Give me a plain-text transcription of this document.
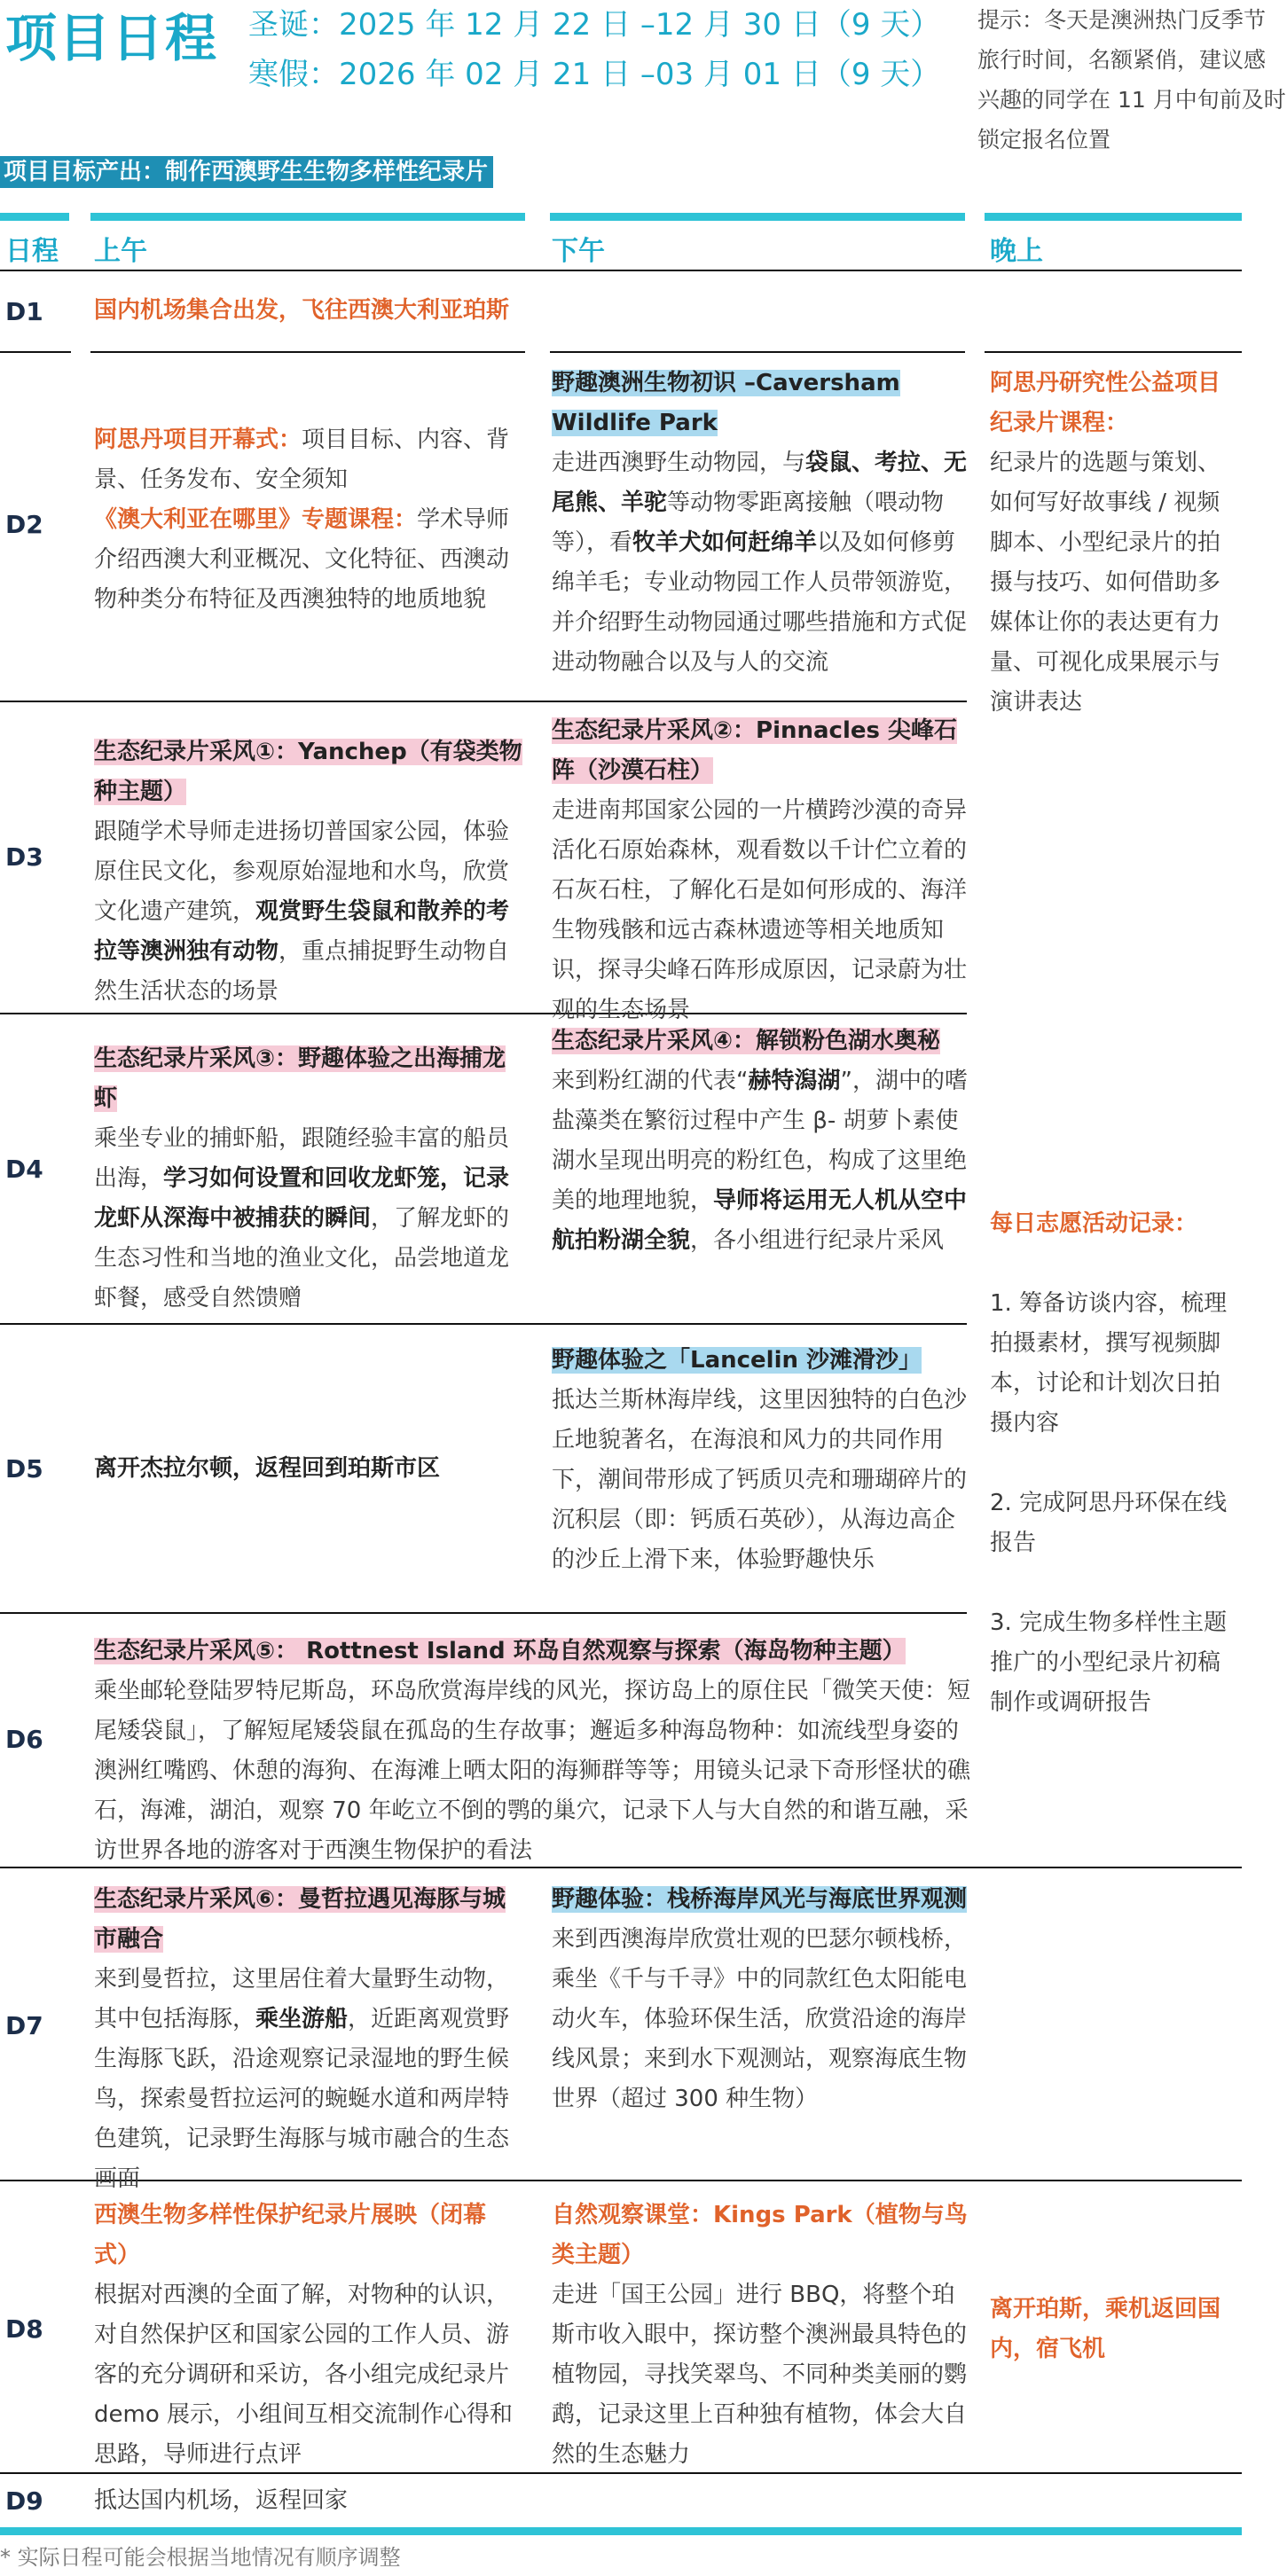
项目日程 圣诞：2025 年 12 月 22 日 –12 月 30 日（9 天）
寒假：2026 年 02 月 21 日 –03 月 01 日（9 天）
提示：冬天是澳洲热门反季节旅行时间，名额紧俏，建议感兴趣的同学在 11 月中旬前及时锁定报名位置
项目目标产出：制作西澳野生生物多样性纪录片
日程 上午	下午	晚上
D1 国内机场集合出发，飞往西澳大利亚珀斯
D2
阿思丹项目开幕式：项目目标、内容、背景、任务发布、安全须知
《澳大利亚在哪里》专题课程：学术导师介绍西澳大利亚概况、文化特征、西澳动物种类分布特征及西澳独特的地质地貌
野趣澳洲生物初识 –Caversham Wildlife Park
走进西澳野生动物园，与袋鼠、考拉、无尾熊、羊驼等动物零距离接触（喂动物等），看牧羊犬如何赶绵羊以及如何修剪绵羊毛；专业动物园工作人员带领游览，并介绍野生动物园通过哪些措施和方式促进动物融合以及与人的交流
阿思丹研究性公益项目纪录片课程：
纪录片的选题与策划、如何写好故事线 / 视频脚本、小型纪录片的拍摄与技巧、如何借助多媒体让你的表达更有力量、可视化成果展示与演讲表达
D3
生态纪录片采风①：Yanchep（有袋类物种主题）
跟随学术导师走进扬切普国家公园，体验原住民文化，参观原始湿地和水鸟，欣赏文化遗产建筑，观赏野生袋鼠和散养的考拉等澳洲独有动物，重点捕捉野生动物自然生活状态的场景
生态纪录片采风②：Pinnacles 尖峰石阵（沙漠石柱）
走进南邦国家公园的一片横跨沙漠的奇异活化石原始森林，观看数以千计伫立着的石灰石柱，了解化石是如何形成的、海洋生物残骸和远古森林遗迹等相关地质知识，探寻尖峰石阵形成原因，记录蔚为壮观的生态场景
D4
生态纪录片采风③：野趣体验之出海捕龙虾
乘坐专业的捕虾船，跟随经验丰富的船员出海，学习如何设置和回收龙虾笼，记录龙虾从深海中被捕获的瞬间，了解龙虾的生态习性和当地的渔业文化，品尝地道龙虾餐，感受自然馈赠
生态纪录片采风④：解锁粉色湖水奥秘
来到粉红湖的代表“赫特潟湖”，湖中的嗜盐藻类在繁衍过程中产生 β- 胡萝卜素使湖水呈现出明亮的粉红色，构成了这里绝美的地理地貌，导师将运用无人机从空中航拍粉湖全貌，各小组进行纪录片采风
每日志愿活动记录：

1. 筹备访谈内容，梳理拍摄素材，撰写视频脚本，讨论和计划次日拍摄内容

2. 完成阿思丹环保在线报告

3. 完成生物多样性主题推广的小型纪录片初稿制作或调研报告
D5 离开杰拉尔顿，返程回到珀斯市区
野趣体验之「Lancelin 沙滩滑沙」
抵达兰斯林海岸线，这里因独特的白色沙丘地貌著名，在海浪和风力的共同作用下，潮间带形成了钙质贝壳和珊瑚碎片的沉积层（即：钙质石英砂），从海边高企的沙丘上滑下来，体验野趣快乐
D6
生态纪录片采风⑤： Rottnest Island 环岛自然观察与探索（海岛物种主题）
乘坐邮轮登陆罗特尼斯岛，环岛欣赏海岸线的风光，探访岛上的原住民「微笑天使：短尾矮袋鼠」，了解短尾矮袋鼠在孤岛的生存故事；邂逅多种海岛物种：如流线型身姿的澳洲红嘴鸥、休憩的海狗、在海滩上晒太阳的海狮群等等；用镜头记录下奇形怪状的礁石，海滩，湖泊，观察 70 年屹立不倒的鹗的巢穴，记录下人与大自然的和谐互融，采访世界各地的游客对于西澳生物保护的看法
D7
生态纪录片采风⑥：曼哲拉遇见海豚与城市融合
来到曼哲拉，这里居住着大量野生动物，其中包括海豚，乘坐游船，近距离观赏野生海豚飞跃，沿途观察记录湿地的野生候鸟，探索曼哲拉运河的蜿蜒水道和两岸特色建筑，记录野生海豚与城市融合的生态画面
野趣体验：栈桥海岸风光与海底世界观测
来到西澳海岸欣赏壮观的巴瑟尔顿栈桥，乘坐《千与千寻》中的同款红色太阳能电动火车，体验环保生活，欣赏沿途的海岸线风景；来到水下观测站，观察海底生物世界（超过 300 种生物）
D8
西澳生物多样性保护纪录片展映（闭幕式）
根据对西澳的全面了解，对物种的认识，对自然保护区和国家公园的工作人员、游客的充分调研和采访，各小组完成纪录片 demo 展示，小组间互相交流制作心得和思路，导师进行点评
自然观察课堂：Kings Park（植物与鸟类主题）
走进「国王公园」进行 BBQ，将整个珀斯市收入眼中，探访整个澳洲最具特色的植物园，寻找笑翠鸟、不同种类美丽的鹦鹉，记录这里上百种独有植物，体会大自然的生态魅力
离开珀斯，乘机返回国内，宿飞机
D9 抵达国内机场，返程回家
* 实际日程可能会根据当地情况有顺序调整
